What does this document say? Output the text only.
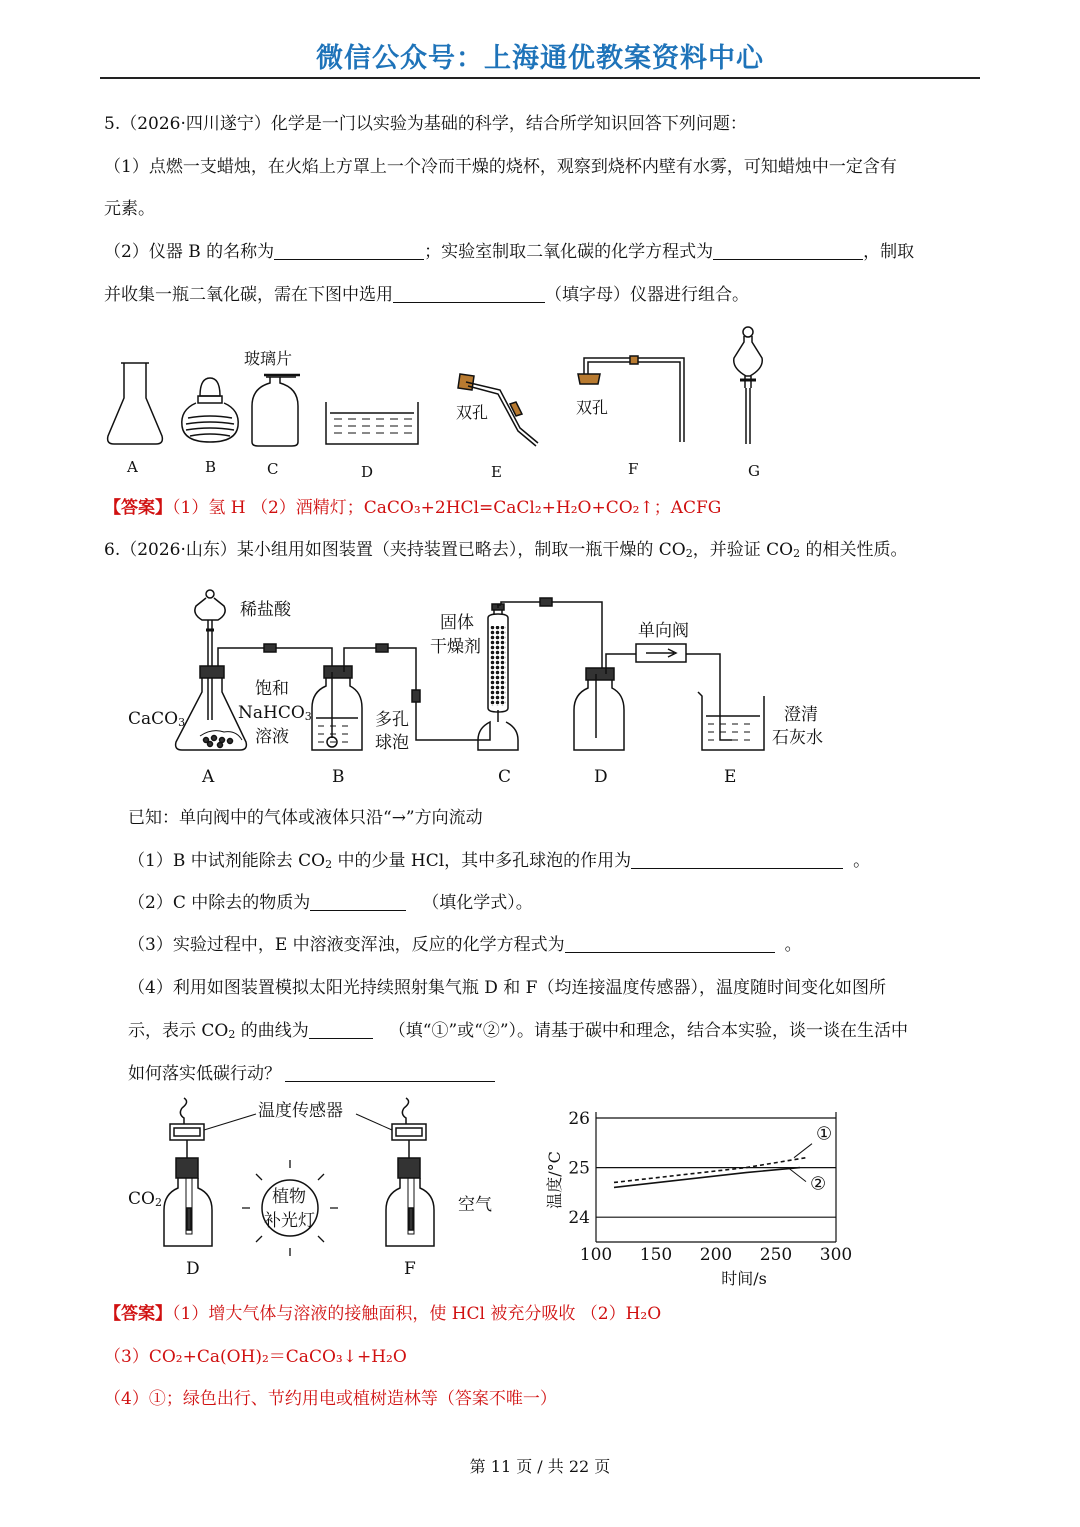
微信公众号：上海通优教案资料中心
5.（2026·四川遂宁）化学是一门以实验为基础的科学，结合所学知识回答下列问题：
（1）点燃一支蜡烛，在火焰上方罩上一个冷而干燥的烧杯，观察到烧杯内壁有水雾，可知蜡烛中一定含有
元素。
（2）仪器 B 的名称为	；实验室制取二氧化碳的化学方程式为	，制取
并收集一瓶二氧化碳，需在下图中选用	（填字母）仪器进行组合。
玻璃片
双孔	双孔
A	B	C	D	E	F	G
【答案】（1）氢 H （2）酒精灯；CaCO₃+2HCl=CaCl₂+H₂O+CO₂↑；ACFG
6.（2026·山东）某小组用如图装置（夹持装置已略去），制取一瓶干燥的 $CO_2$，并验证 $CO_2$ 的相关性质。
稀盐酸
CaCO$_3$
饱和
NaHCO$_3$
溶液
多孔
球泡
固体
干燥剂
单向阀
澄清
石灰水
A	B	C	D	E
已知：单向阀中的气体或液体只沿“→”方向流动
（1）B 中试剂能除去 $CO_2$ 中的少量 HCl，其中多孔球泡的作用为	。
（2）C 中除去的物质为	（填化学式）。
（3）实验过程中，E 中溶液变浑浊，反应的化学方程式为	。
（4）利用如图装置模拟太阳光持续照射集气瓶 D 和 F（均连接温度传感器），温度随时间变化如图所
示，表示 $CO_2$ 的曲线为	（填“①”或“②”）。请基于碳中和理念，结合本实验，谈一谈在生活中
如何落实低碳行动？
温度传感器
$CO_2$	植物
补光灯
空气
D	F
24
25
26
100 150 200 250 300
时间/s
温度/°C
①
②
【答案】（1）增大气体与溶液的接触面积，使 HCl 被充分吸收 （2）H₂O
（3）CO₂+Ca(OH)₂＝CaCO₃↓+H₂O
（4）①；绿色出行、节约用电或植树造林等（答案不唯一）
第 11 页 / 共 22 页
